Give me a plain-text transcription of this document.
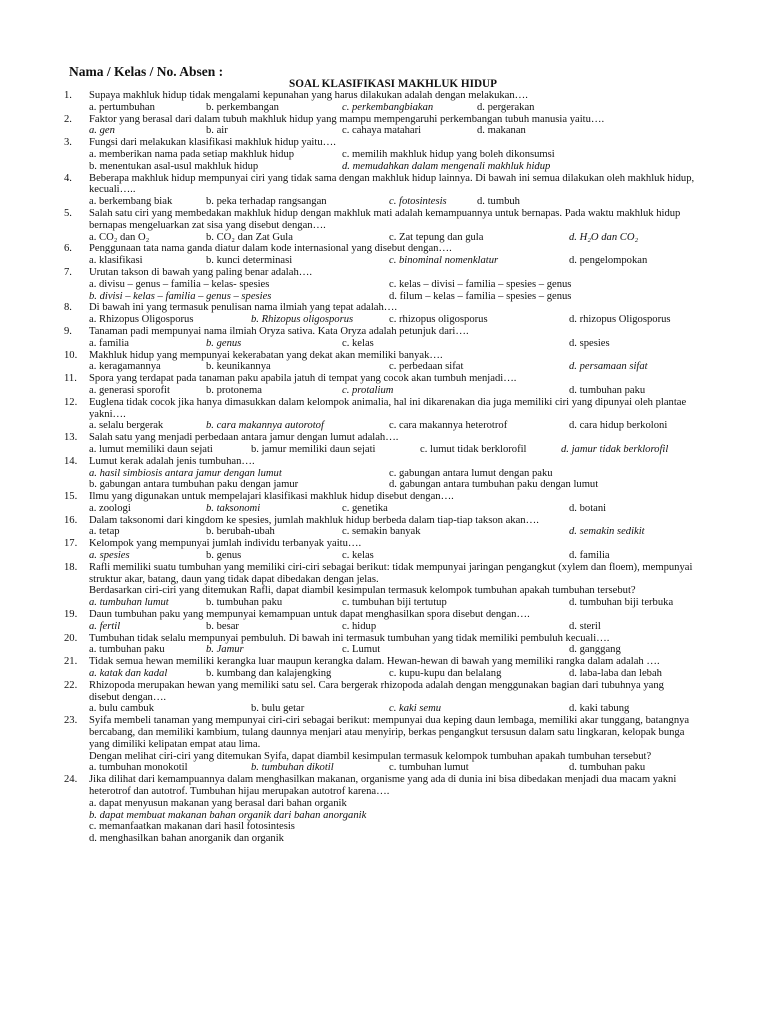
Nama / Kelas / No. Absen :
SOAL KLASIFIKASI MAKHLUK HIDUP
1.	Supaya makhluk hidup tidak mengalami kepunahan yang harus dilakukan adalah dengan melakukan….
a. pertumbuhan	b. perkembangan	c. perkembangbiakan	d. pergerakan
2.	Faktor yang berasal dari dalam tubuh makhluk hidup yang mampu mempengaruhi perkembangan tubuh manusia yaitu….
a. gen	b. air	c. cahaya matahari	d. makanan
3.	Fungsi dari melakukan klasifikasi makhluk hidup yaitu….
a. memberikan nama pada setiap makhluk hidup	c. memilih makhluk hidup yang boleh dikonsumsi
b. menentukan asal-usul makhluk hidup	d. memudahkan dalam mengenali makhluk hidup
4.	Beberapa makhluk hidup mempunyai ciri yang tidak sama dengan makhluk hidup lainnya. Di bawah ini semua dilakukan oleh makhluk hidup, kecuali…..
a. berkembang biak	b. peka terhadap rangsangan	c. fotosintesis	d. tumbuh
5.	Salah satu ciri yang membedakan makhluk hidup dengan makhluk mati adalah kemampuannya untuk bernapas. Pada waktu makhluk hidup bernapas mengeluarkan zat sisa yang disebut dengan….
a. CO₂ dan O₂	b. CO₂ dan Zat Gula	c. Zat tepung dan gula	d. H₂O dan CO₂
6.	Penggunaan tata nama ganda diatur dalam kode internasional yang disebut dengan….
a. klasifikasi	b. kunci determinasi	c. binominal nomenklatur	d. pengelompokan
7.	Urutan takson di bawah yang paling benar adalah….
a. divisu – genus – familia – kelas- spesies	c. kelas – divisi – familia – spesies – genus
b. divisi – kelas – familia – genus – spesies	d. filum – kelas – familia – spesies – genus
8.	Di bawah ini yang termasuk penulisan nama ilmiah yang tepat adalah….
a. Rhizopus Oligosporus	b. Rhizopus oligosporus	c. rhizopus oligosporus	d. rhizopus Oligosporus
9.	Tanaman padi mempunyai nama ilmiah Oryza sativa. Kata Oryza adalah petunjuk dari….
a. familia	b. genus	c. kelas	d. spesies
10.	Makhluk hidup yang mempunyai kekerabatan yang dekat akan memiliki banyak….
a. keragamannya	b. keunikannya	c. perbedaan sifat	d. persamaan sifat
11.	Spora yang terdapat pada tanaman paku apabila jatuh di tempat yang cocok akan tumbuh menjadi….
a. generasi sporofit	b. protonema	c. protalium	d. tumbuhan paku
12.	Euglena tidak cocok jika hanya dimasukkan dalam kelompok animalia, hal ini dikarenakan dia juga memiliki ciri yang dipunyai oleh plantae yakni….
a. selalu bergerak	b. cara makannya autorotof	c. cara makannya heterotrof	d. cara hidup berkoloni
13.	Salah satu yang menjadi perbedaan antara jamur dengan lumut adalah….
a. lumut memiliki daun sejati	b. jamur memiliki daun sejati	c. lumut tidak berklorofil	d. jamur tidak berklorofil
14.	Lumut kerak adalah jenis tumbuhan….
a. hasil simbiosis antara jamur dengan lumut	c. gabungan antara lumut dengan paku
b. gabungan antara tumbuhan paku dengan jamur	d. gabungan antara tumbuhan paku dengan lumut
15.	Ilmu yang digunakan untuk mempelajari klasifikasi makhluk hidup disebut dengan….
a. zoologi	b. taksonomi	c. genetika	d. botani
16.	Dalam taksonomi dari kingdom ke spesies, jumlah makhluk hidup berbeda dalam tiap-tiap takson akan….
a. tetap	b. berubah-ubah	c. semakin banyak	d. semakin sedikit
17.	Kelompok yang mempunyai jumlah individu terbanyak yaitu….
a. spesies	b. genus	c. kelas	d. familia
18.	Rafli memiliki suatu tumbuhan yang memiliki ciri-ciri sebagai berikut: tidak mempunyai jaringan pengangkut (xylem dan floem), mempunyai struktur akar, batang, daun yang tidak dapat dibedakan dengan jelas.
Berdasarkan ciri-ciri yang ditemukan Rafli, dapat diambil kesimpulan termasuk kelompok tumbuhan apakah tumbuhan tersebut?
a. tumbuhan lumut	b. tumbuhan paku	c. tumbuhan biji tertutup	d. tumbuhan biji terbuka
19.	Daun tumbuhan paku yang mempunyai kemampuan untuk dapat menghasilkan spora disebut dengan….
a. fertil	b. besar	c. hidup	d. steril
20.	Tumbuhan tidak selalu mempunyai pembuluh. Di bawah ini termasuk tumbuhan yang tidak memiliki pembuluh kecuali….
a. tumbuhan paku	b. Jamur	c. Lumut	d. ganggang
21.	Tidak semua hewan memiliki kerangka luar maupun kerangka dalam. Hewan-hewan di bawah yang memiliki rangka dalam adalah ….
a. katak dan kadal	b. kumbang dan kalajengking	c. kupu-kupu dan belalang	d. laba-laba dan lebah
22.	Rhizopoda merupakan hewan yang memiliki satu sel. Cara bergerak rhizopoda adalah dengan menggunakan bagian dari tubuhnya yang disebut dengan….
a. bulu cambuk	b. bulu getar	c. kaki semu	d. kaki tabung
23.	Syifa membeli tanaman yang mempunyai ciri-ciri sebagai berikut: mempunyai dua keping daun lembaga, memiliki akar tunggang, batangnya bercabang, dan memiliki kambium, tulang daunnya menjari atau menyirip, berkas pengangkut tersusun dalam satu lingkaran, kelopak bunga yang dimiliki kelipatan empat atau lima.
Dengan melihat ciri-ciri yang ditemukan Syifa, dapat diambil kesimpulan termasuk kelompok tumbuhan apakah tumbuhan tersebut?
a. tumbuhan monokotil	b. tumbuhan dikotil	c. tumbuhan lumut	d. tumbuhan paku
24.	Jika dilihat dari kemampuannya dalam menghasilkan makanan, organisme yang ada di dunia ini bisa dibedakan menjadi dua macam yakni heterotrof dan autotrof. Tumbuhan hijau merupakan autotrof karena….
a. dapat menyusun makanan yang berasal dari bahan organik
b. dapat membuat makanan bahan organik dari bahan anorganik
c. memanfaatkan makanan dari hasil fotosintesis
d. menghasilkan bahan anorganik dan organik
